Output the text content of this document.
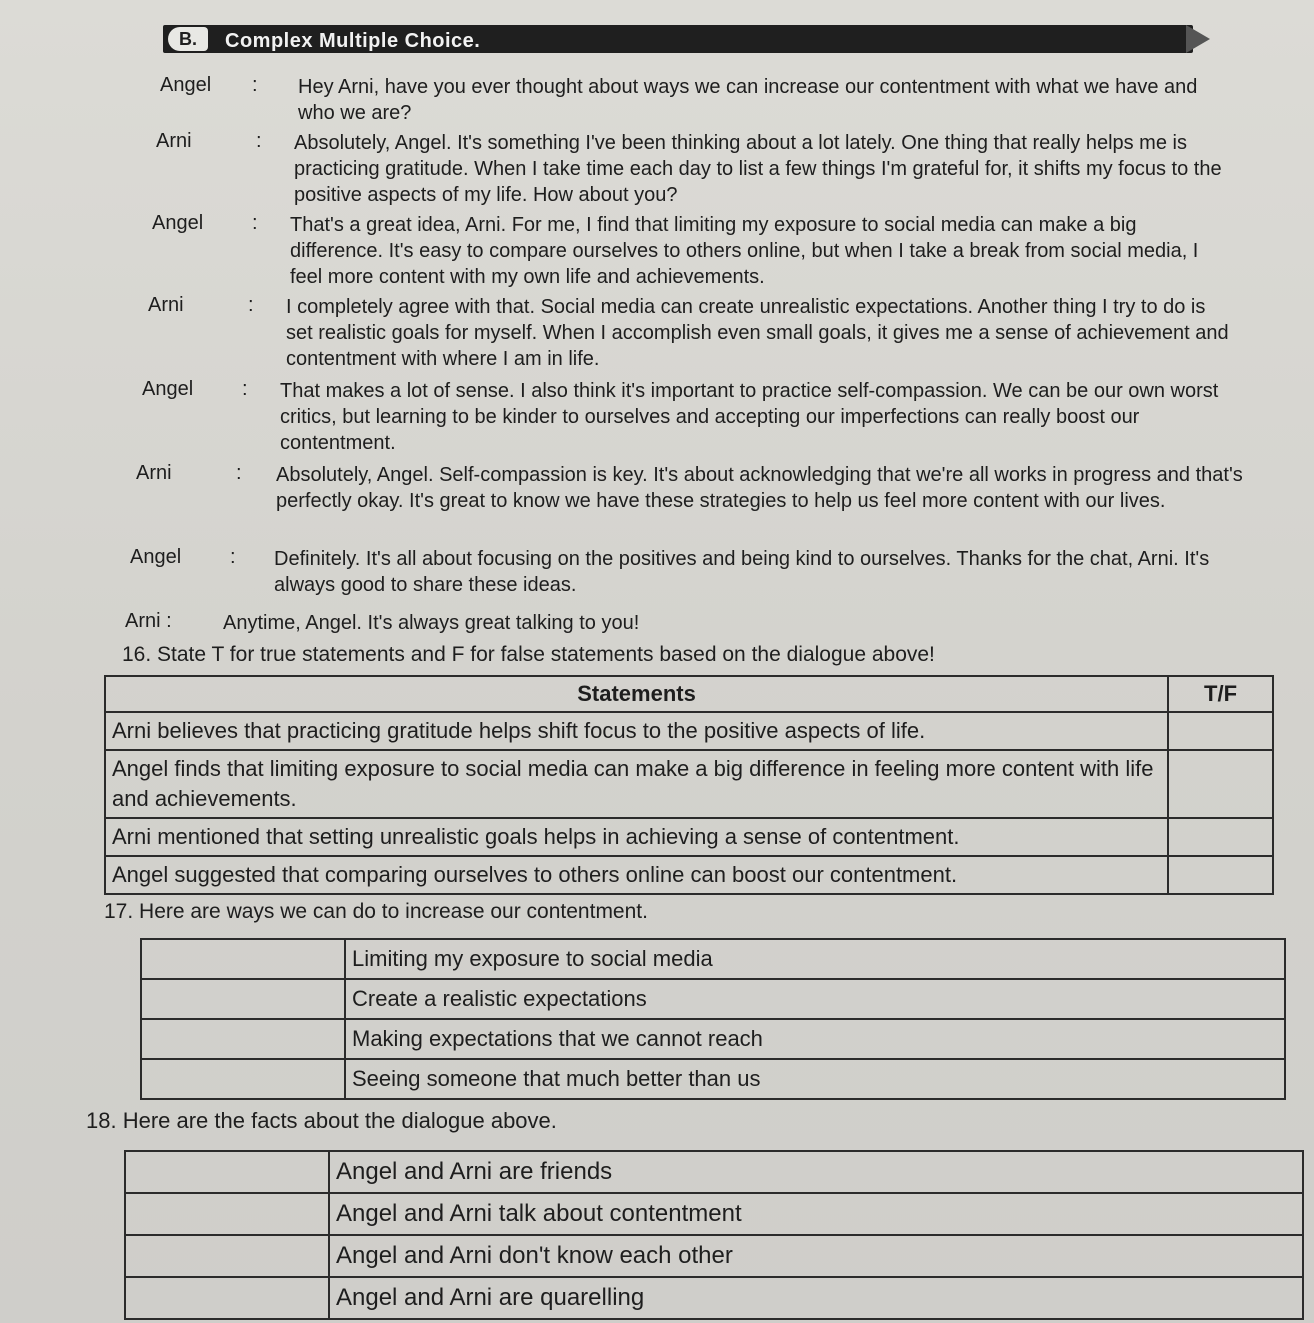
B.	Complex Multiple Choice.
Angel	:	Hey Arni, have you ever thought about ways we can increase our contentment with what we have and who we are?
Arni	:	Absolutely, Angel. It's something I've been thinking about a lot lately. One thing that really helps me is practicing gratitude. When I take time each day to list a few things I'm grateful for, it shifts my focus to the positive aspects of my life. How about you?
Angel	:	That's a great idea, Arni. For me, I find that limiting my exposure to social media can make a big difference. It's easy to compare ourselves to others online, but when I take a break from social media, I feel more content with my own life and achievements.
Arni	:	I completely agree with that. Social media can create unrealistic expectations. Another thing I try to do is set realistic goals for myself. When I accomplish even small goals, it gives me a sense of achievement and contentment with where I am in life.
Angel	:	That makes a lot of sense. I also think it's important to practice self-compassion. We can be our own worst critics, but learning to be kinder to ourselves and accepting our imperfections can really boost our contentment.
Arni	:	Absolutely, Angel. Self-compassion is key. It's about acknowledging that we're all works in progress and that's perfectly okay. It's great to know we have these strategies to help us feel more content with our lives.
Angel	:	Definitely. It's all about focusing on the positives and being kind to ourselves. Thanks for the chat, Arni. It's always good to share these ideas.
Arni :	Anytime, Angel. It's always great talking to you!
16. State T for true statements and F for false statements based on the dialogue above!
Statements	T/F
Arni believes that practicing gratitude helps shift focus to the positive aspects of life.	
Angel finds that limiting exposure to social media can make a big difference in feeling more content with life and achievements.	
Arni mentioned that setting unrealistic goals helps in achieving a sense of contentment.	
Angel suggested that comparing ourselves to others online can boost our contentment.	
17. Here are ways we can do to increase our contentment.
	Limiting my exposure to social media
	Create a realistic expectations
	Making expectations that we cannot reach
	Seeing someone that much better than us
18. Here are the facts about the dialogue above.
	Angel and Arni are friends
	Angel and Arni talk about contentment
	Angel and Arni don't know each other
	Angel and Arni are quarelling
